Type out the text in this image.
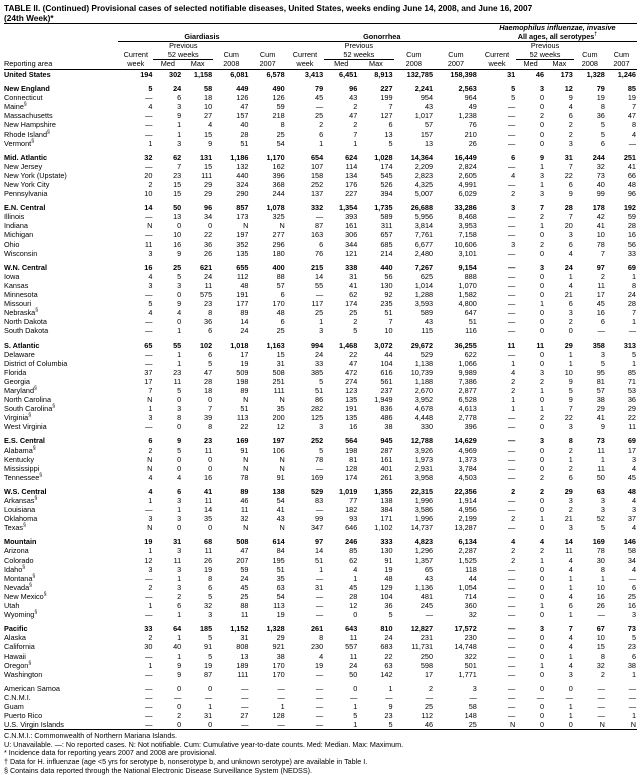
TABLE II. (Continued) Provisional cases of selected notifiable diseases, United States, weeks ending June 14, 2008, and June 16, 2007
(24th Week)*
											Haemophilus influenzae, invasive				
	Giardiasis					Gonorrhea					All ages, all serotypes†
		Previous					Previous					Previous			
	Current	52 weeks		Cum	Cum	Current	52 weeks		Cum	Cum	Current	52 weeks		Cum	Cum
Reporting area	week	Med	Max	2008	2007	week	Med	Max	2008	2007	week	Med	Max	2008	2007
United States	194	302	1,158	6,081	6,578	3,413	6,451	8,913	132,785	158,398	31	46	173	1,328	1,246

New England	5	24	58	449	490	79	96	227	2,241	2,563	5	3	12	79	85
Connecticut	—	6	18	126	126	45	43	199	954	964	5	0	9	19	19
Maine§	4	3	10	47	59	—	2	7	43	49	—	0	4	8	7
Massachusetts	—	9	27	157	218	25	47	127	1,017	1,238	—	2	6	36	47
New Hampshire	—	1	4	40	8	2	2	6	57	76	—	0	2	5	8
Rhode Island§	—	1	15	28	25	6	7	13	157	210	—	0	2	5	4
Vermont§	1	3	9	51	54	1	1	5	13	26	—	0	3	6	—

Mid. Atlantic	32	62	131	1,186	1,170	654	624	1,028	14,364	16,449	6	9	31	244	251
New Jersey	—	7	15	132	162	107	114	174	2,209	2,824	—	1	7	32	41
New York (Upstate)	20	23	111	440	396	158	134	545	2,823	2,605	4	3	22	73	66
New York City	2	15	29	324	368	252	176	526	4,325	4,991	—	1	6	40	48
Pennsylvania	10	15	29	290	244	137	227	394	5,007	6,029	2	3	9	99	96

E.N. Central	14	50	96	857	1,078	332	1,354	1,735	26,688	33,286	3	7	28	178	192
Illinois	—	13	34	173	325	—	393	589	5,956	8,468	—	2	7	42	59
Indiana	N	0	0	N	N	87	161	311	3,814	3,953	—	1	20	41	28
Michigan	—	10	22	197	277	163	306	657	7,761	7,158	—	0	3	10	16
Ohio	11	16	36	352	296	6	344	685	6,677	10,606	3	2	6	78	56
Wisconsin	3	9	26	135	180	76	121	214	2,480	3,101	—	0	4	7	33

W.N. Central	16	25	621	655	400	215	338	440	7,267	9,154	—	3	24	97	69
Iowa	4	5	24	112	88	14	31	56	625	888	—	0	1	2	1
Kansas	3	3	11	48	57	55	41	130	1,014	1,070	—	0	4	11	8
Minnesota	—	0	575	191	6	—	62	92	1,288	1,582	—	0	21	17	24
Missouri	5	9	23	177	170	117	174	235	3,593	4,800	—	1	6	45	28
Nebraska§	4	4	8	89	48	25	25	51	589	647	—	0	3	16	7
North Dakota	—	0	36	14	6	1	2	7	43	51	—	0	2	6	1
South Dakota	—	1	6	24	25	3	5	10	115	116	—	0	0	—	—

S. Atlantic	65	55	102	1,018	1,163	994	1,468	3,072	29,672	36,255	11	11	29	358	313
Delaware	—	1	6	17	15	24	22	44	529	622	—	0	1	3	5
District of Columbia	—	1	5	19	31	33	47	104	1,138	1,066	1	0	1	5	1
Florida	37	23	47	509	508	385	472	616	10,739	9,989	4	3	10	95	85
Georgia	17	11	28	198	251	5	274	561	1,188	7,386	2	2	9	81	71
Maryland§	7	5	18	89	111	51	123	237	2,670	2,877	2	1	5	57	53
North Carolina	N	0	0	N	N	86	135	1,949	3,952	6,528	1	0	9	38	36
South Carolina§	1	3	7	51	35	282	191	836	4,678	4,613	1	1	7	29	29
Virginia§	3	8	39	113	200	125	135	486	4,448	2,778	—	2	22	41	22
West Virginia	—	0	8	22	12	3	16	38	330	396	—	0	3	9	11

E.S. Central	6	9	23	169	197	252	564	945	12,788	14,629	—	3	8	73	69
Alabama§	2	5	11	91	106	5	198	287	3,926	4,969	—	0	2	11	17
Kentucky	N	0	0	N	N	78	81	161	1,973	1,373	—	0	1	1	3
Mississippi	N	0	0	N	N	—	128	401	2,931	3,784	—	0	2	11	4
Tennessee§	4	4	16	78	91	169	174	261	3,958	4,503	—	2	6	50	45

W.S. Central	4	6	41	89	138	529	1,019	1,355	22,315	22,356	2	2	29	63	48
Arkansas§	1	3	11	46	54	83	77	138	1,996	1,914	—	0	3	3	4
Louisiana	—	1	14	11	41	—	182	384	3,586	4,956	—	0	2	3	3
Oklahoma	3	3	35	32	43	99	93	171	1,996	2,199	2	1	21	52	37
Texas§	N	0	0	N	N	347	646	1,102	14,737	13,287	—	0	3	5	4

Mountain	19	31	68	508	614	97	246	333	4,823	6,134	4	4	14	169	146
Arizona	1	3	11	47	84	14	85	130	1,296	2,287	2	2	11	78	58
Colorado	12	11	26	207	195	51	62	91	1,357	1,525	2	1	4	30	34
Idaho§	3	3	19	59	51	1	4	19	65	118	—	0	4	8	4
Montana§	—	1	8	24	35	—	1	48	43	44	—	0	1	1	—
Nevada§	2	3	6	45	63	31	45	129	1,136	1,054	—	0	1	10	6
New Mexico§	—	2	5	25	54	—	28	104	481	714	—	0	4	16	25
Utah	1	6	32	88	113	—	12	36	245	360	—	1	6	26	16
Wyoming§	—	1	3	11	19	—	0	5	—	32	—	0	1	—	3

Pacific	33	64	185	1,152	1,328	261	643	810	12,827	17,572	—	3	7	67	73
Alaska	2	1	5	31	29	8	11	24	231	230	—	0	4	10	5
California	30	40	91	808	921	230	557	683	11,731	14,748	—	0	4	15	23
Hawaii	—	1	5	13	38	4	11	22	250	322	—	0	1	8	6
Oregon§	1	9	19	189	170	19	24	63	598	501	—	1	4	32	38
Washington	—	9	87	111	170	—	50	142	17	1,771	—	0	3	2	1

American Samoa	—	0	0	—	—	—	0	1	2	3	—	0	0	—	—
C.N.M.I.	—	—	—	—	—	—	—	—	—	—	—	—	—	—	—
Guam	—	0	1	—	1	—	1	9	25	58	—	0	1	—	—
Puerto Rico	—	2	31	27	128	—	5	23	112	148	—	0	1	—	1
U.S. Virgin Islands	—	0	0	—	—	—	1	5	46	25	N	0	0	N	N
C.N.M.I.: Commonwealth of Northern Mariana Islands.
U: Unavailable. —: No reported cases. N: Not notifiable. Cum: Cumulative year-to-date counts. Med: Median. Max: Maximum.
* Incidence data for reporting years 2007 and 2008 are provisional.
† Data for H. influenzae (age <5 yrs for serotype b, nonserotype b, and unknown serotype) are available in Table I.
§ Contains data reported through the National Electronic Disease Surveillance System (NEDSS).
